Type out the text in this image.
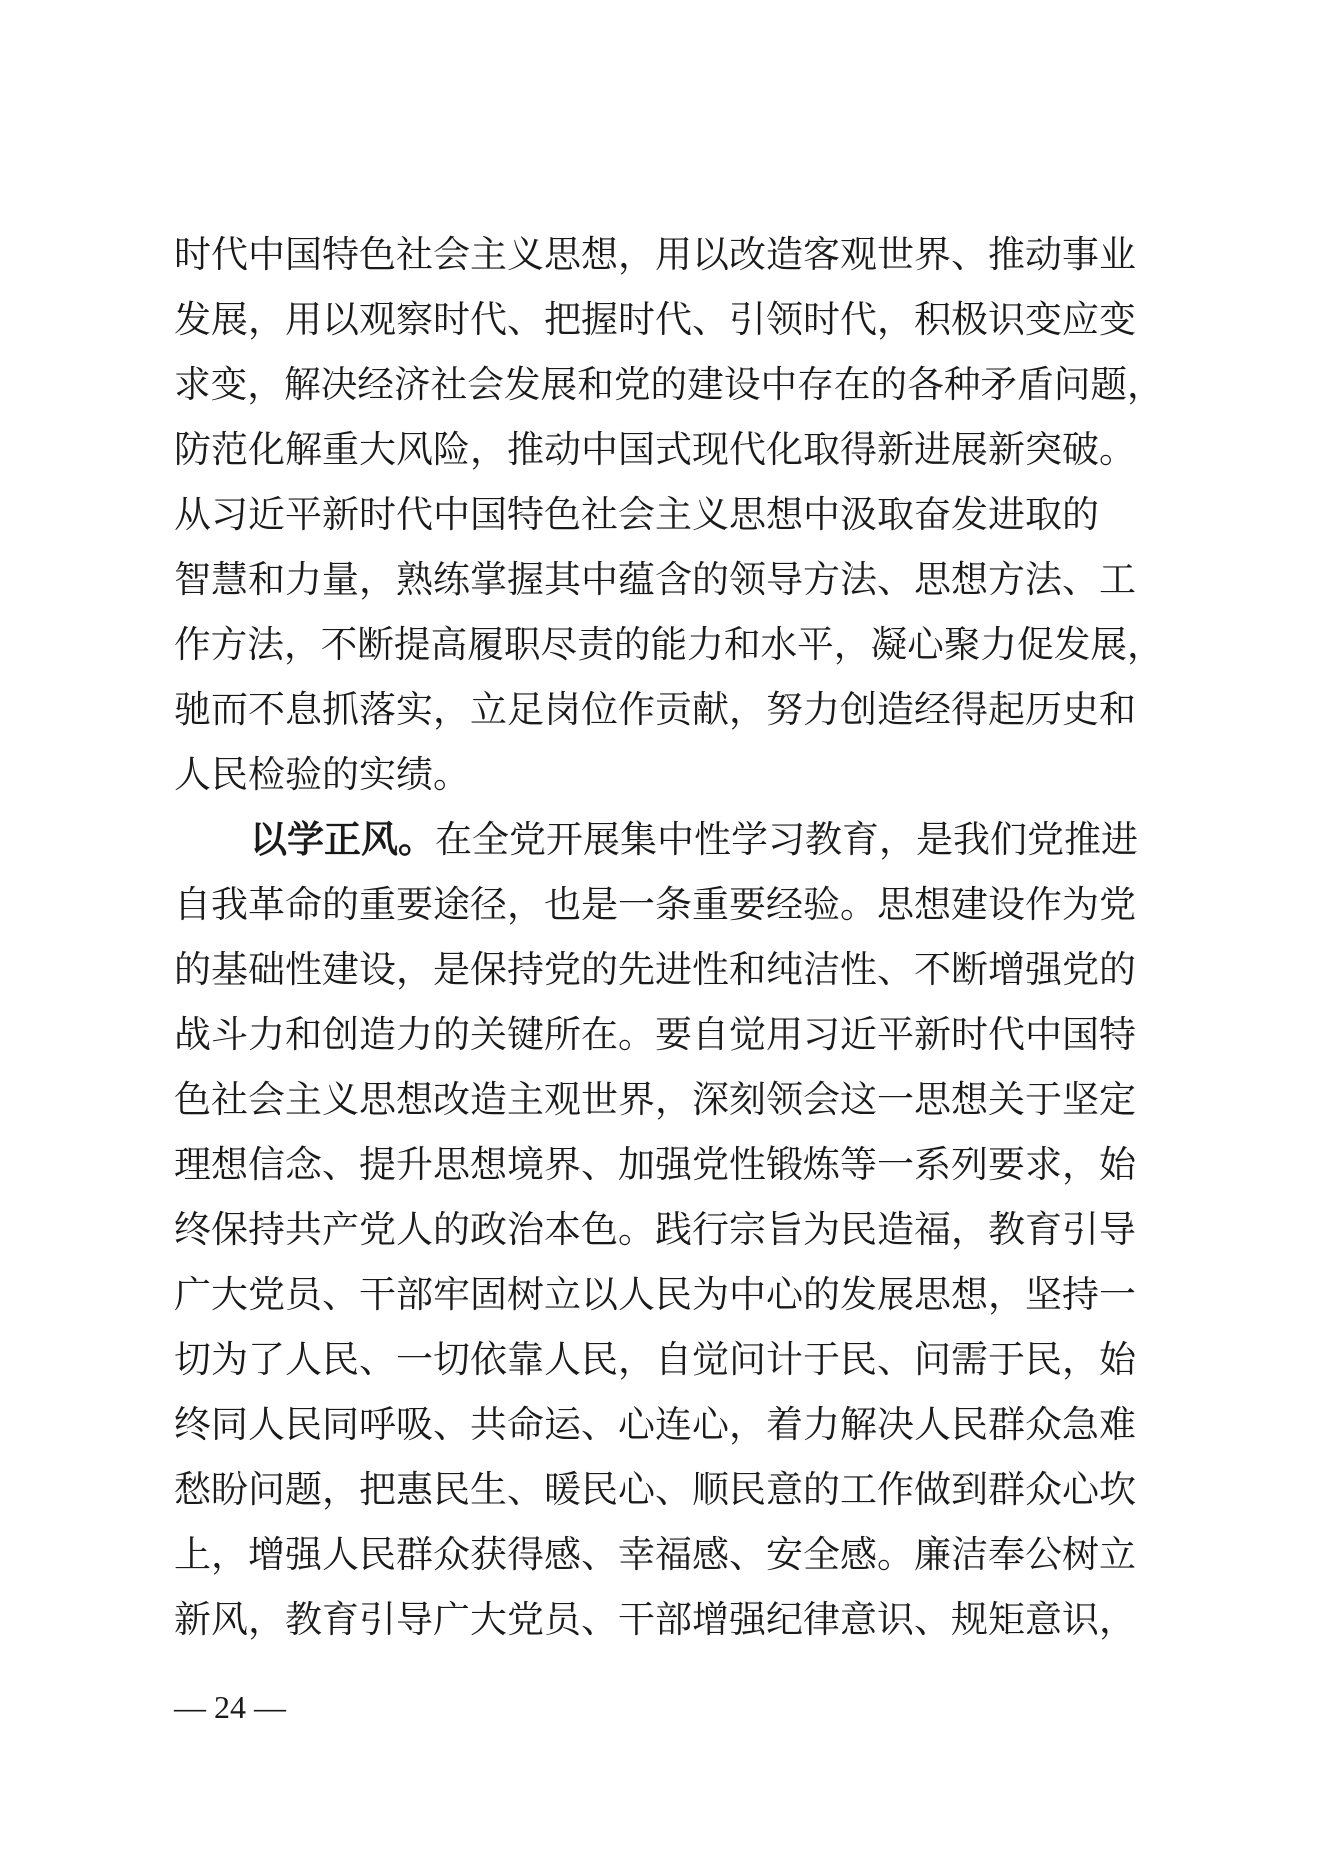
时代中国特色社会主义思想，用以改造客观世界、推动事业
发展，用以观察时代、把握时代、引领时代，积极识变应变
求变，解决经济社会发展和党的建设中存在的各种矛盾问题，
防范化解重大风险，推动中国式现代化取得新进展新突破。
从习近平新时代中国特色社会主义思想中汲取奋发进取的
智慧和力量，熟练掌握其中蕴含的领导方法、思想方法、工
作方法，不断提高履职尽责的能力和水平，凝心聚力促发展，
驰而不息抓落实，立足岗位作贡献，努力创造经得起历史和
人民检验的实绩。
以学正风。在全党开展集中性学习教育，是我们党推进
自我革命的重要途径，也是一条重要经验。思想建设作为党
的基础性建设，是保持党的先进性和纯洁性、不断增强党的
战斗力和创造力的关键所在。要自觉用习近平新时代中国特
色社会主义思想改造主观世界，深刻领会这一思想关于坚定
理想信念、提升思想境界、加强党性锻炼等一系列要求，始
终保持共产党人的政治本色。践行宗旨为民造福，教育引导
广大党员、干部牢固树立以人民为中心的发展思想，坚持一
切为了人民、一切依靠人民，自觉问计于民、问需于民，始
终同人民同呼吸、共命运、心连心，着力解决人民群众急难
愁盼问题，把惠民生、暖民心、顺民意的工作做到群众心坎
上，增强人民群众获得感、幸福感、安全感。廉洁奉公树立
新风，教育引导广大党员、干部增强纪律意识、规矩意识，
— 24 —
